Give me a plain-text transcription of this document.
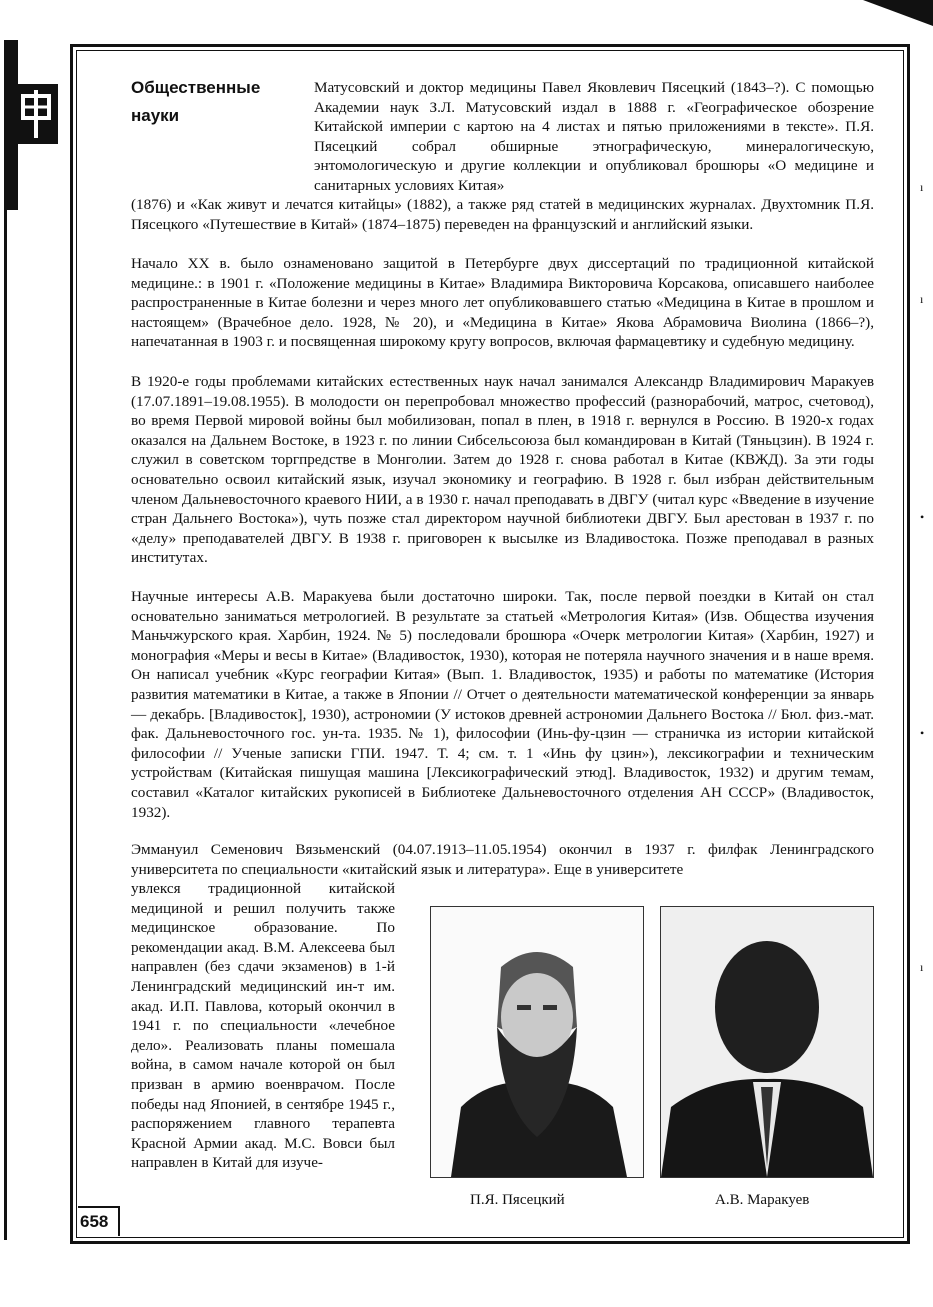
Общественные
науки

Матусовский и доктор медицины Павел Яковлевич Пясецкий (1843–?). С помощью Академии наук З.Л. Матусовский издал в 1888 г. «Географическое обозрение Китайской империи с картою на 4 листах и пятью приложениями в тексте». П.Я. Пясецкий собрал обширные этнографическую, минералогическую, энтомологическую и другие коллекции и опубликовал брошюры «О медицине и санитарных условиях Китая»

(1876) и «Как живут и лечатся китайцы» (1882), а также ряд статей в медицинских журналах. Двухтомник П.Я. Пясецкого «Путешествие в Китай» (1874–1875) переведен на французский и английский языки.

Начало XX в. было ознаменовано защитой в Петербурге двух диссертаций по традиционной китайской медицине.: в 1901 г. «Положение медицины в Китае» Владимира Викторовича Корсакова, описавшего наиболее распространенные в Китае болезни и через много лет опубликовавшего статью «Медицина в Китае в прошлом и настоящем» (Врачебное дело. 1928, № 20), и «Медицина в Китае» Якова Абрамовича Виолина (1866–?), напечатанная в 1903 г. и посвященная широкому кругу вопросов, включая фармацевтику и судебную медицину.

В 1920-е годы проблемами китайских естественных наук начал занимался Александр Владимирович Маракуев (17.07.1891–19.08.1955). В молодости он перепробовал множество профессий (разнорабочий, матрос, счетовод), во время Первой мировой войны был мобилизован, попал в плен, в 1918 г. вернулся в Россию. В 1920-х годах оказался на Дальнем Востоке, в 1923 г. по линии Сибсельсоюза был командирован в Китай (Тяньцзин). В 1924 г. служил в советском торгпредстве в Монголии. Затем до 1928 г. снова работал в Китае (КВЖД). За эти годы основательно освоил китайский язык, изучал экономику и географию. В 1928 г. был избран действительным членом Дальневосточного краевого НИИ, а в 1930 г. начал преподавать в ДВГУ (читал курс «Введение в изучение стран Дальнего Востока»), чуть позже стал директором научной библиотеки ДВГУ. Был арестован в 1937 г. по «делу» преподавателей ДВГУ. В 1938 г. приговорен к высылке из Владивостока. Позже преподавал в разных институтах.

Научные интересы А.В. Маракуева были достаточно широки. Так, после первой поездки в Китай он стал основательно заниматься метрологией. В результате за статьей «Метрология Китая» (Изв. Общества изучения Маньчжурского края. Харбин, 1924. № 5) последовали брошюра «Очерк метрологии Китая» (Харбин, 1927) и монография «Меры и весы в Китае» (Владивосток, 1930), которая не потеряла научного значения и в наше время. Он написал учебник «Курс географии Китая» (Вып. 1. Владивосток, 1935) и работы по математике (История развития математики в Китае, а также в Японии // Отчет о деятельности математической конференции за январь — декабрь. [Владивосток], 1930), астрономии (У истоков древней астрономии Дальнего Востока // Бюл. физ.-мат. фак. Дальневосточного гос. ун-та. 1935. № 1), философии (Инь-фу-цзин — страничка из истории китайской философии // Ученые записки ГПИ. 1947. Т. 4; см. т. 1 «Инь фу цзин»), лексикографии и техническим устройствам (Китайская пишущая машина [Лексикографический этюд]. Владивосток, 1932) и другим темам, составил «Каталог китайских рукописей в Библиотеке Дальневосточного отделения АН СССР» (Владивосток, 1932).

Эммануил Семенович Вязьменский (04.07.1913–11.05.1954) окончил в 1937 г. филфак Ленинградского университета по специальности «китайский язык и литература». Еще в университете

увлекся традиционной китайской медициной и решил получить также медицинское образование. По рекомендации акад. В.М. Алексеева был направлен (без сдачи экзаменов) в 1-й Ленинградский медицинский ин-т им. акад. И.П. Павлова, который окончил в 1941 г. по специальности «лечебное дело». Реализовать планы помешала война, в самом начале которой он был призван в армию военврачом. После победы над Японией, в сентябре 1945 г., распоряжением главного терапевта Красной Армии акад. М.С. Вовси был направлен в Китай для изуче-

П.Я. Пясецкий	А.В. Маракуев
658
ı
ı
•
•
ı
